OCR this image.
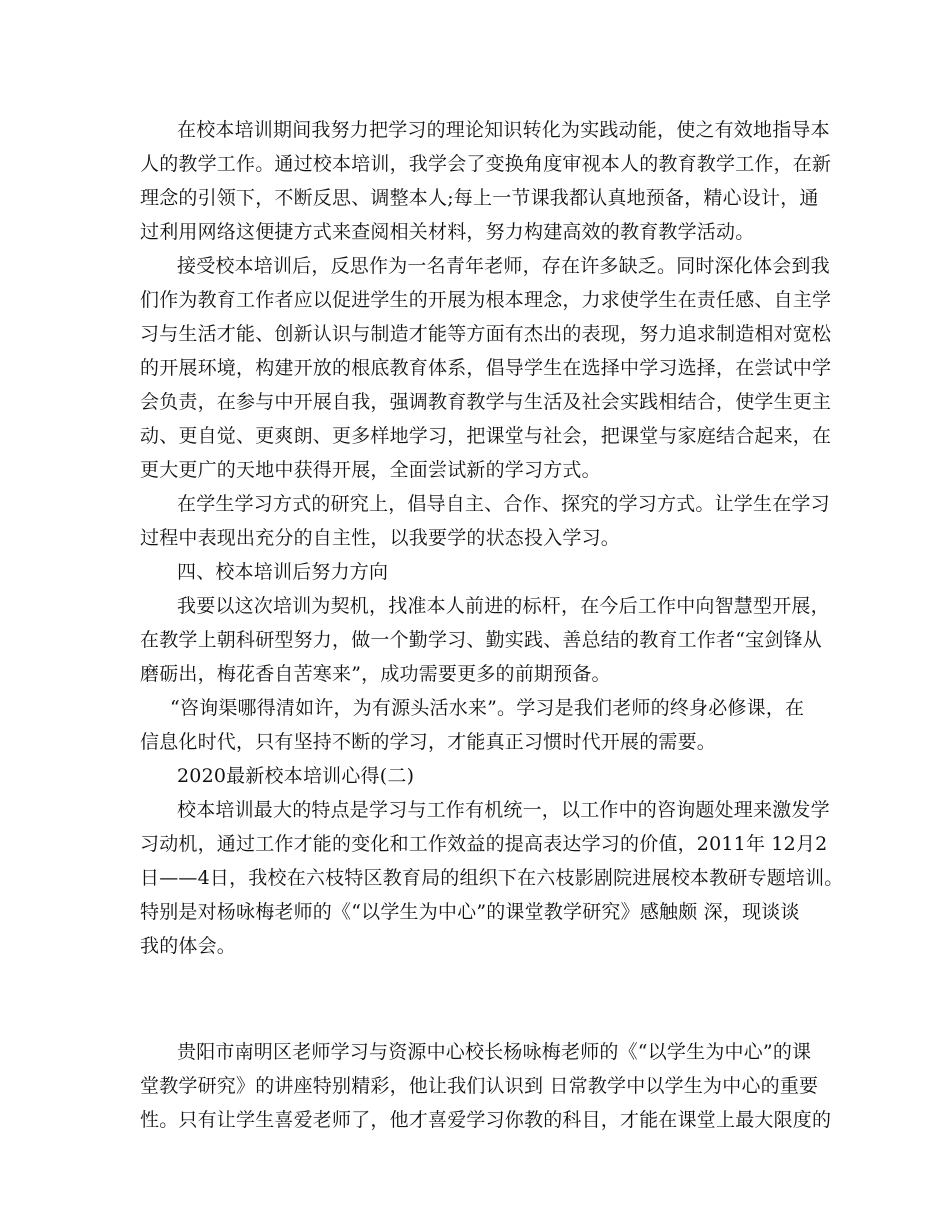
在校本培训期间我努力把学习的理论知识转化为实践动能，使之有效地指导本
人的教学工作。通过校本培训，我学会了变换角度审视本人的教育教学工作，在新
理念的引领下，不断反思、调整本人;每上一节课我都认真地预备，精心设计，通
过利用网络这便捷方式来查阅相关材料，努力构建高效的教育教学活动。
接受校本培训后，反思作为一名青年老师，存在许多缺乏。同时深化体会到我
们作为教育工作者应以促进学生的开展为根本理念，力求使学生在责任感、自主学
习与生活才能、创新认识与制造才能等方面有杰出的表现，努力追求制造相对宽松
的开展环境，构建开放的根底教育体系，倡导学生在选择中学习选择，在尝试中学
会负责，在参与中开展自我，强调教育教学与生活及社会实践相结合，使学生更主
动、更自觉、更爽朗、更多样地学习，把课堂与社会，把课堂与家庭结合起来，在
更大更广的天地中获得开展，全面尝试新的学习方式。
在学生学习方式的研究上，倡导自主、合作、探究的学习方式。让学生在学习
过程中表现出充分的自主性，以我要学的状态投入学习。
四、校本培训后努力方向
我要以这次培训为契机，找准本人前进的标杆，在今后工作中向智慧型开展，
在教学上朝科研型努力，做一个勤学习、勤实践、善总结的教育工作者“宝剑锋从
磨砺出，梅花香自苦寒来”，成功需要更多的前期预备。
“咨询渠哪得清如许，为有源头活水来”。学习是我们老师的终身必修课，在
信息化时代，只有坚持不断的学习，才能真正习惯时代开展的需要。
2020最新校本培训心得(二)
校本培训最大的特点是学习与工作有机统一，以工作中的咨询题处理来激发学
习动机，通过工作才能的变化和工作效益的提高表达学习的价值，2011年 12月2
日——4日，我校在六枝特区教育局的组织下在六枝影剧院进展校本教研专题培训。
特别是对杨咏梅老师的《“以学生为中心”的课堂教学研究》感触颇 深，现谈谈
我的体会。
贵阳市南明区老师学习与资源中心校长杨咏梅老师的《“以学生为中心”的课
堂教学研究》的讲座特别精彩，他让我们认识到 日常教学中以学生为中心的重要
性。只有让学生喜爱老师了，他才喜爱学习你教的科目，才能在课堂上最大限度的
